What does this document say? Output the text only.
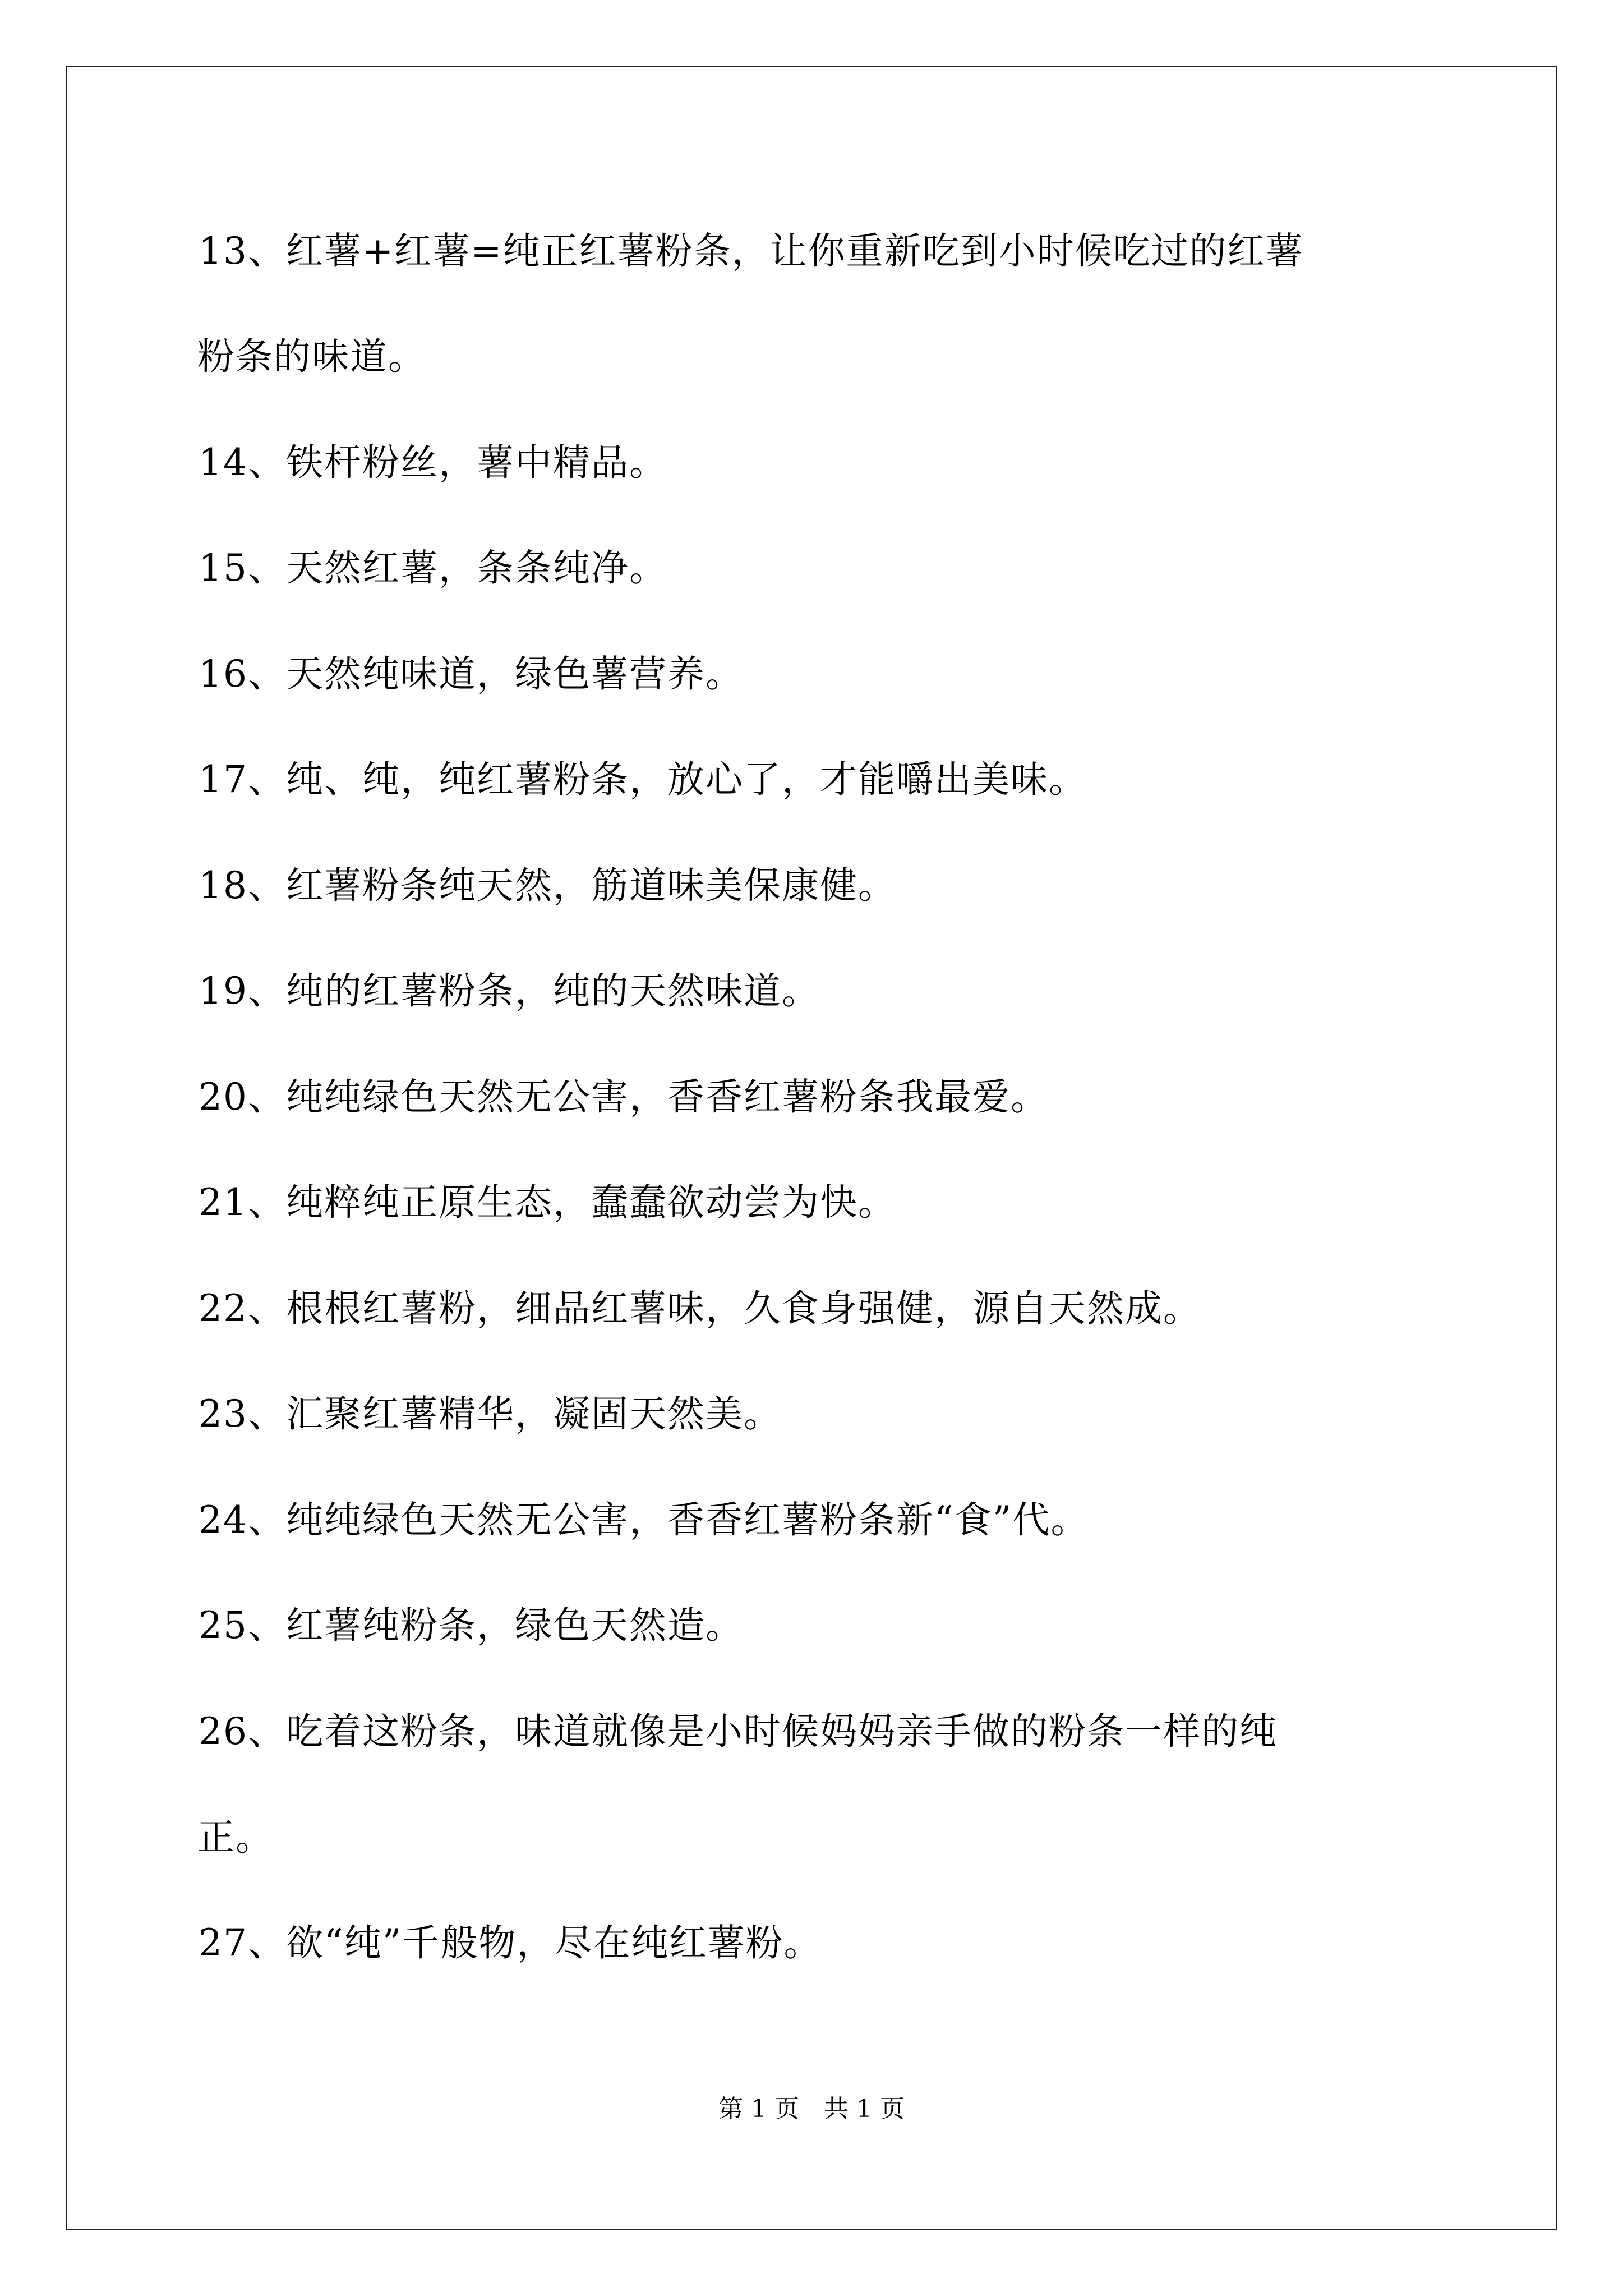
13、红薯+红薯=纯正红薯粉条，让你重新吃到小时候吃过的红薯
粉条的味道。
14、铁杆粉丝，薯中精品。
15、天然红薯，条条纯净。
16、天然纯味道，绿色薯营养。
17、纯、纯，纯红薯粉条，放心了，才能嚼出美味。
18、红薯粉条纯天然，筋道味美保康健。
19、纯的红薯粉条，纯的天然味道。
20、纯纯绿色天然无公害，香香红薯粉条我最爱。
21、纯粹纯正原生态，蠢蠢欲动尝为快。
22、根根红薯粉，细品红薯味，久食身强健，源自天然成。
23、汇聚红薯精华，凝固天然美。
24、纯纯绿色天然无公害，香香红薯粉条新“食”代。
25、红薯纯粉条，绿色天然造。
26、吃着这粉条，味道就像是小时候妈妈亲手做的粉条一样的纯
正。
27、欲“纯”千般物，尽在纯红薯粉。
第 1 页　共 1 页
